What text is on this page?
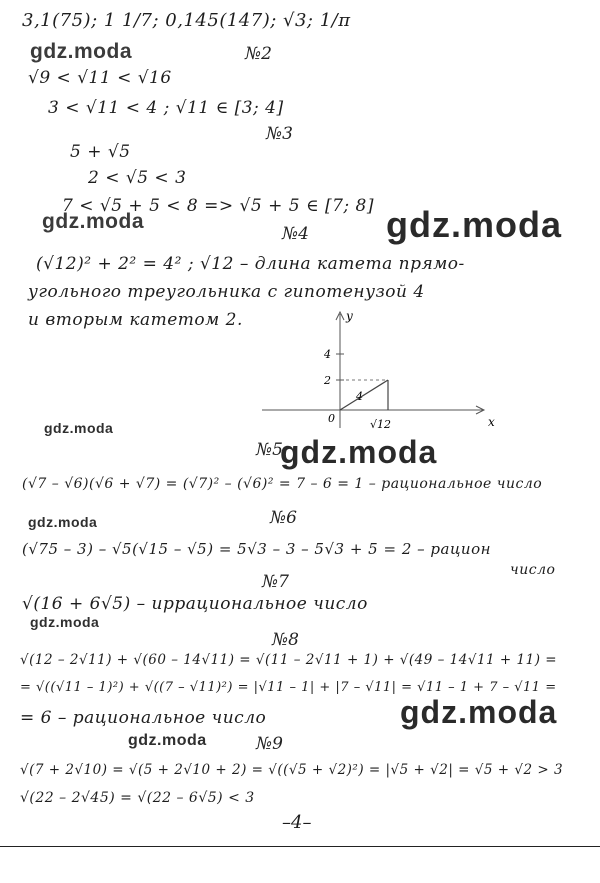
3,1(75); 1 1/7; 0,145(147); √3; 1/π
gdz.moda	№2
√9 < √11 < √16
3 < √11 < 4 ; √11 ∈ [3; 4]
№3
5 + √5
2 < √5 < 3
7 < √5 + 5 < 8 => √5 + 5 ∈ [7; 8]
gdz.moda	gdz.moda
№4
(√12)² + 2² = 4² ; √12 – длина катета прямо-
угольного треугольника с гипотенузой 4
и вторым катетом 2.	y
x
4
2
0
4
√12
gdz.moda
№5
gdz.moda
(√7 – √6)(√6 + √7) = (√7)² – (√6)² = 7 – 6 = 1 – рациональное число
gdz.moda	№6
(√75 – 3) – √5(√15 – √5) = 5√3 – 3 – 5√3 + 5 = 2 – рацион
число
№7
√(16 + 6√5) – иррациональное число
gdz.moda
№8
√(12 – 2√11) + √(60 – 14√11) = √(11 – 2√11 + 1) + √(49 – 14√11 + 11) =
= √((√11 – 1)²) + √((7 – √11)²) = |√11 – 1| + |7 – √11| = √11 – 1 + 7 – √11 =
= 6 – рациональное число	gdz.moda
gdz.moda	№9
√(7 + 2√10) = √(5 + 2√10 + 2) = √((√5 + √2)²) = |√5 + √2| = √5 + √2 > 3
√(22 – 2√45) = √(22 – 6√5) < 3
–4–
